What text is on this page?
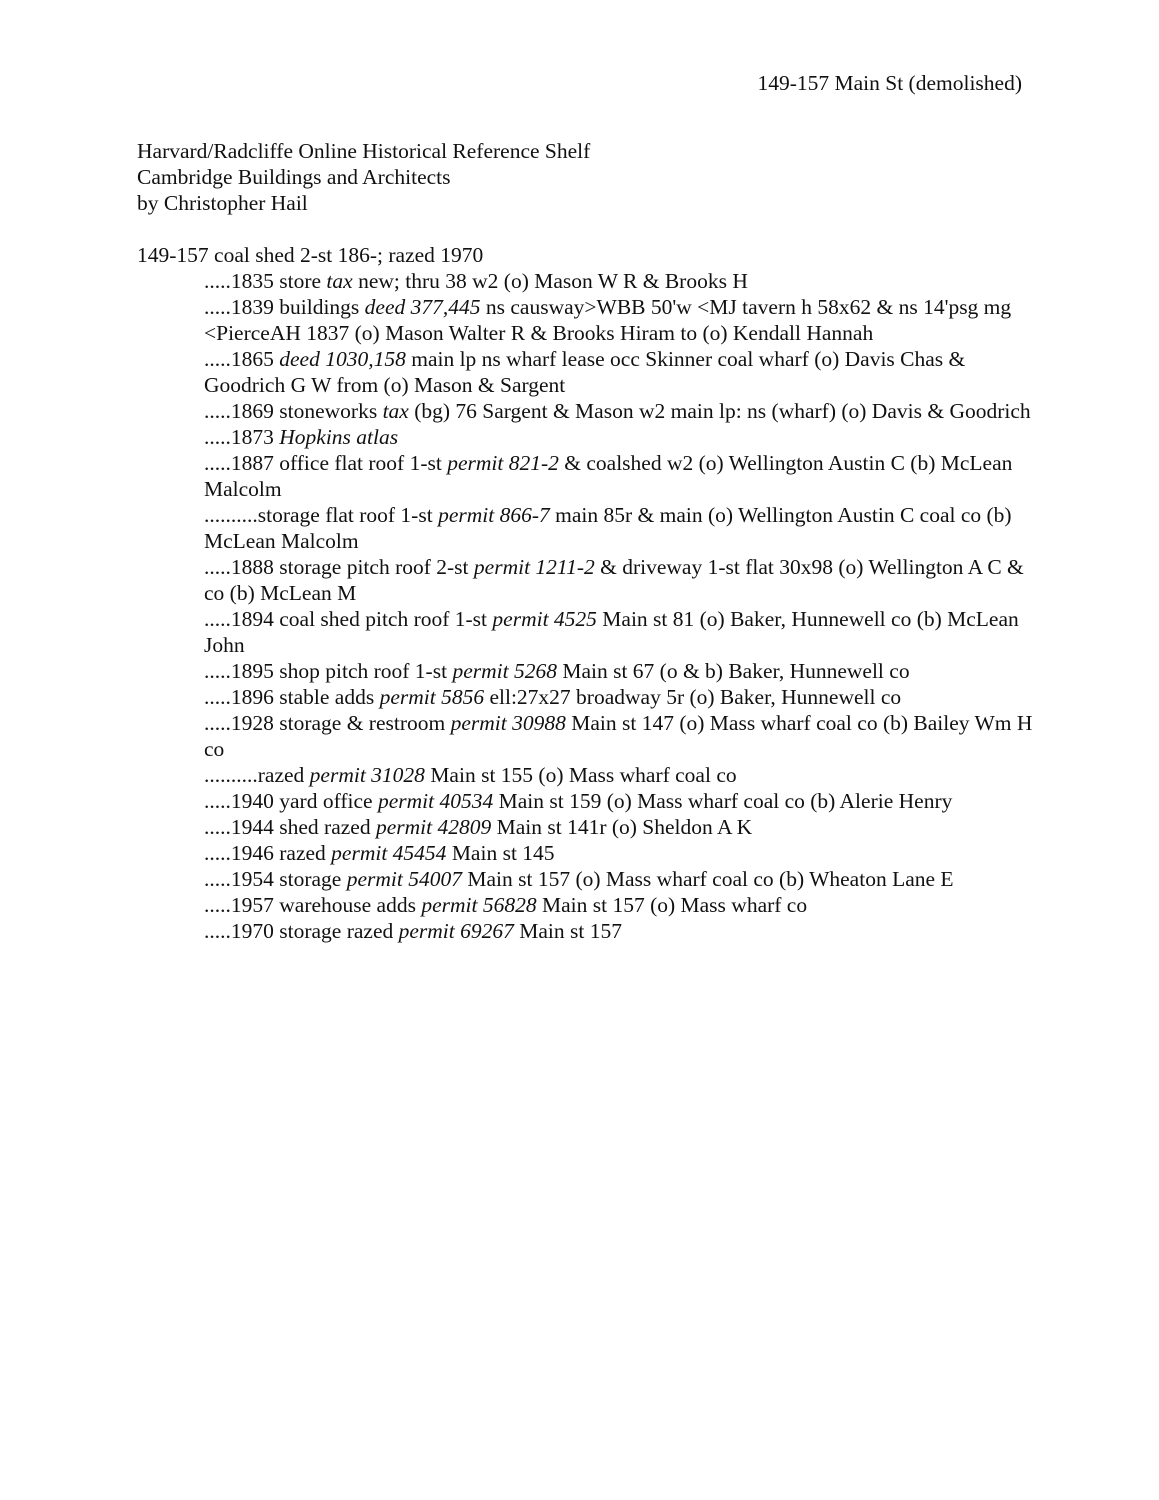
149-157 Main St (demolished)
Harvard/Radcliffe Online Historical Reference Shelf
Cambridge Buildings and Architects
by Christopher Hail
149-157 coal shed 2-st 186-; razed 1970

.....1835 store tax new; thru 38 w2 (o) Mason W R & Brooks H

.....1839 buildings deed 377,445 ns causway>WBB 50'w <MJ tavern h 58x62 & ns 14'psg mg <PierceAH 1837 (o) Mason Walter R & Brooks Hiram to (o) Kendall Hannah

.....1865 deed 1030,158 main lp ns wharf lease occ Skinner coal wharf (o) Davis Chas & Goodrich G W from (o) Mason & Sargent

.....1869 stoneworks tax (bg) 76 Sargent & Mason w2 main lp: ns (wharf) (o) Davis & Goodrich

.....1873 Hopkins atlas

.....1887 office flat roof 1-st permit 821-2 & coalshed w2 (o) Wellington Austin C (b) McLean Malcolm

..........storage flat roof 1-st permit 866-7 main 85r & main (o) Wellington Austin C coal co (b) McLean Malcolm

.....1888 storage pitch roof 2-st permit 1211-2 & driveway 1-st flat 30x98 (o) Wellington A C & co (b) McLean M

.....1894 coal shed pitch roof 1-st permit 4525 Main st 81 (o) Baker, Hunnewell co (b) McLean John

.....1895 shop pitch roof 1-st permit 5268 Main st 67 (o & b) Baker, Hunnewell co

.....1896 stable adds permit 5856 ell:27x27 broadway 5r (o) Baker, Hunnewell co

.....1928 storage & restroom permit 30988 Main st 147 (o) Mass wharf coal co (b) Bailey Wm H co

..........razed permit 31028 Main st 155 (o) Mass wharf coal co

.....1940 yard office permit 40534 Main st 159 (o) Mass wharf coal co (b) Alerie Henry

.....1944 shed razed permit 42809 Main st 141r (o) Sheldon A K

.....1946 razed permit 45454 Main st 145

.....1954 storage permit 54007 Main st 157 (o) Mass wharf coal co (b) Wheaton Lane E

.....1957 warehouse adds permit 56828 Main st 157 (o) Mass wharf co

.....1970 storage razed permit 69267 Main st 157
